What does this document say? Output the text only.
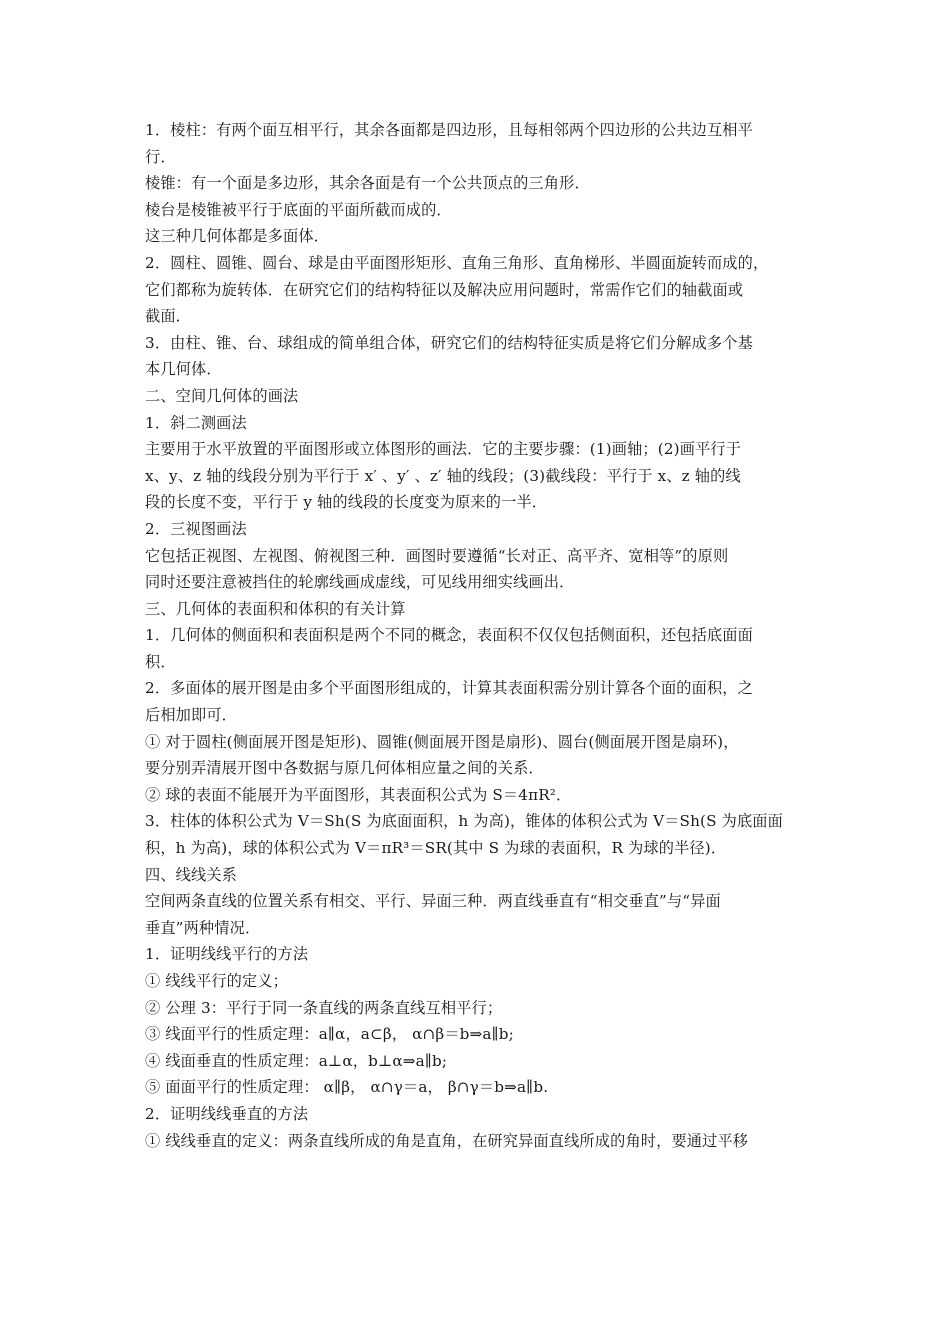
1．棱柱：有两个面互相平行，其余各面都是四边形，且每相邻两个四边形的公共边互相平
行．
棱锥：有一个面是多边形，其余各面是有一个公共顶点的三角形．
棱台是棱锥被平行于底面的平面所截而成的．
这三种几何体都是多面体．
2．圆柱、圆锥、圆台、球是由平面图形矩形、直角三角形、直角梯形、半圆面旋转而成的，
它们都称为旋转体．在研究它们的结构特征以及解决应用问题时，常需作它们的轴截面或
截面．
3．由柱、锥、台、球组成的简单组合体，研究它们的结构特征实质是将它们分解成多个基
本几何体．
二、空间几何体的画法
1．斜二测画法
主要用于水平放置的平面图形或立体图形的画法．它的主要步骤：(1)画轴；(2)画平行于
x、y、z 轴的线段分别为平行于 x′ 、y′ 、z′ 轴的线段；(3)截线段：平行于 x、z 轴的线
段的长度不变，平行于 y 轴的线段的长度变为原来的一半．
2．三视图画法
它包括正视图、左视图、俯视图三种．画图时要遵循“长对正、高平齐、宽相等”的原则
同时还要注意被挡住的轮廓线画成虚线，可见线用细实线画出．
三、几何体的表面积和体积的有关计算
1．几何体的侧面积和表面积是两个不同的概念，表面积不仅仅包括侧面积，还包括底面面
积．
2．多面体的展开图是由多个平面图形组成的，计算其表面积需分别计算各个面的面积，之
后相加即可．
① 对于圆柱(侧面展开图是矩形)、圆锥(侧面展开图是扇形)、圆台(侧面展开图是扇环)，
要分别弄清展开图中各数据与原几何体相应量之间的关系．
② 球的表面不能展开为平面图形，其表面积公式为 S＝4πR²．
3．柱体的体积公式为 V＝Sh(S 为底面面积，h 为高)，锥体的体积公式为 V＝Sh(S 为底面面
积，h 为高)，球的体积公式为 V＝πR³＝SR(其中 S 为球的表面积，R 为球的半径)．
四、线线关系
空间两条直线的位置关系有相交、平行、异面三种．两直线垂直有“相交垂直”与“异面
垂直”两种情况．
1．证明线线平行的方法
① 线线平行的定义；
② 公理 3：平行于同一条直线的两条直线互相平行；
③ 线面平行的性质定理：a∥α，a⊂β， α∩β＝b⇒a∥b;
④ 线面垂直的性质定理：a⊥α，b⊥α⇒a∥b;
⑤ 面面平行的性质定理： α∥β， α∩γ＝a， β∩γ＝b⇒a∥b.
2．证明线线垂直的方法
① 线线垂直的定义：两条直线所成的角是直角，在研究异面直线所成的角时，要通过平移
